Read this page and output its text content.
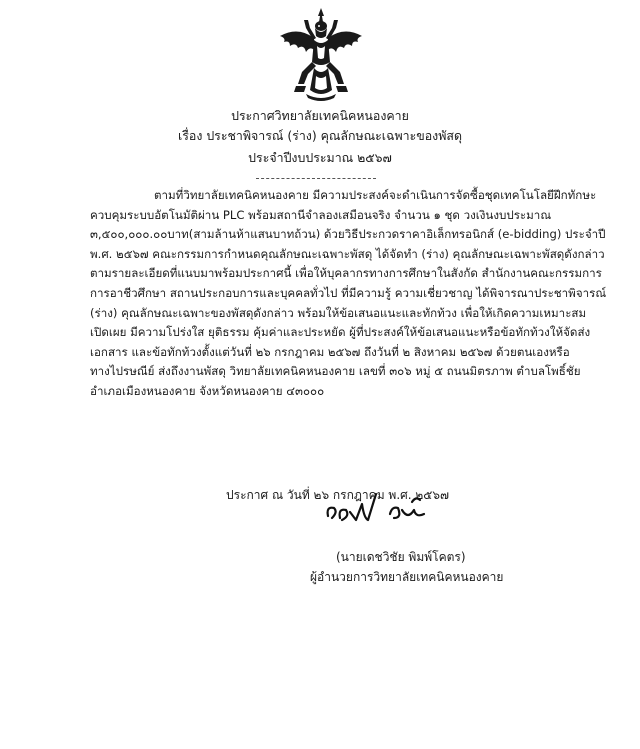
ประกาศวิทยาลัยเทคนิคหนองคาย
เรื่อง ประชาพิจารณ์ (ร่าง) คุณลักษณะเฉพาะของพัสดุ
ประจำปีงบประมาณ ๒๕๖๗
ตามที่วิทยาลัยเทคนิคหนองคาย มีความประสงค์จะดำเนินการจัดซื้อชุดเทคโนโลยีฝึกทักษะ
ควบคุมระบบอัตโนมัติผ่าน PLC พร้อมสถานีจำลองเสมือนจริง จำนวน ๑ ชุด วงเงินงบประมาณ
๓,๕๐๐,๐๐๐.๐๐บาท(สามล้านห้าแสนบาทถ้วน) ด้วยวิธีประกวดราคาอิเล็กทรอนิกส์ (e-bidding) ประจำปี
พ.ศ. ๒๕๖๗ คณะกรรมการกำหนดคุณลักษณะเฉพาะพัสดุ ได้จัดทำ (ร่าง) คุณลักษณะเฉพาะพัสดุดังกล่าว
ตามรายละเอียดที่แนบมาพร้อมประกาศนี้ เพื่อให้บุคลากรทางการศึกษาในสังกัด สำนักงานคณะกรรมการ
การอาชีวศึกษา สถานประกอบการและบุคคลทั่วไป ที่มีความรู้ ความเชี่ยวชาญ ได้พิจารณาประชาพิจารณ์
(ร่าง) คุณลักษณะเฉพาะของพัสดุดังกล่าว พร้อมให้ข้อเสนอแนะและทักท้วง เพื่อให้เกิดความเหมาะสม
เปิดเผย มีความโปร่งใส ยุติธรรม คุ้มค่าและประหยัด ผู้ที่ประสงค์ให้ข้อเสนอแนะหรือข้อทักท้วงให้จัดส่ง
เอกสาร และข้อทักท้วงตั้งแต่วันที่ ๒๖ กรกฎาคม ๒๕๖๗ ถึงวันที่ ๒ สิงหาคม ๒๕๖๗ ด้วยตนเองหรือ
ทางไปรษณีย์ ส่งถึงงานพัสดุ วิทยาลัยเทคนิคหนองคาย เลขที่ ๓๐๖ หมู่ ๕ ถนนมิตรภาพ ตำบลโพธิ์ชัย
อำเภอเมืองหนองคาย จังหวัดหนองคาย ๔๓๐๐๐
ประกาศ ณ วันที่ ๒๖ กรกฎาคม พ.ศ. ๒๕๖๗
(นายเดชวิชัย พิมพ์โคตร)
ผู้อำนวยการวิทยาลัยเทคนิคหนองคาย
